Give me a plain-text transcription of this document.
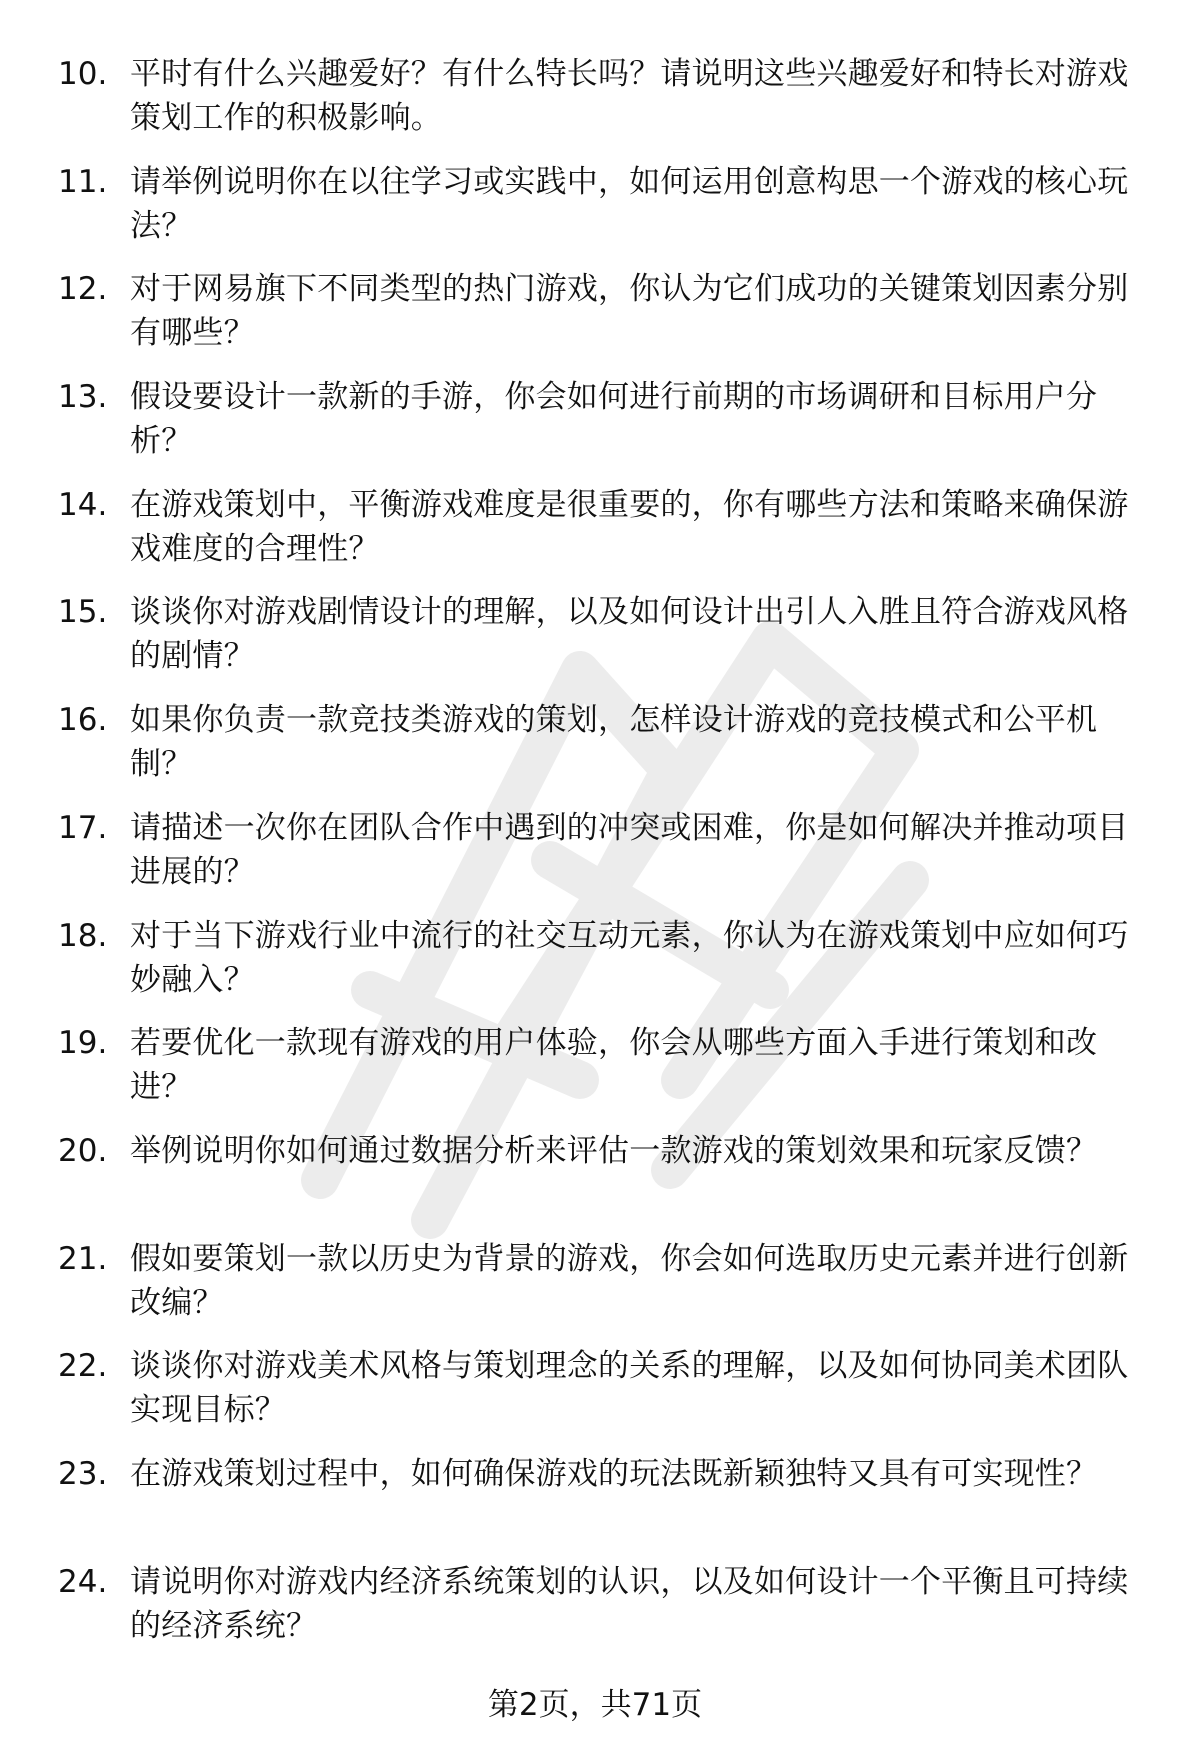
10. 平时有什么兴趣爱好？有什么特长吗？请说明这些兴趣爱好和特长对游戏策划工作的积极影响。
11. 请举例说明你在以往学习或实践中，如何运用创意构思一个游戏的核心玩法？
12. 对于网易旗下不同类型的热门游戏，你认为它们成功的关键策划因素分别有哪些？
13. 假设要设计一款新的手游，你会如何进行前期的市场调研和目标用户分析？
14. 在游戏策划中，平衡游戏难度是很重要的，你有哪些方法和策略来确保游戏难度的合理性？
15. 谈谈你对游戏剧情设计的理解，以及如何设计出引人入胜且符合游戏风格的剧情？
16. 如果你负责一款竞技类游戏的策划，怎样设计游戏的竞技模式和公平机制？
17. 请描述一次你在团队合作中遇到的冲突或困难，你是如何解决并推动项目进展的？
18. 对于当下游戏行业中流行的社交互动元素，你认为在游戏策划中应如何巧妙融入？
19. 若要优化一款现有游戏的用户体验，你会从哪些方面入手进行策划和改进？
20. 举例说明你如何通过数据分析来评估一款游戏的策划效果和玩家反馈？
21. 假如要策划一款以历史为背景的游戏，你会如何选取历史元素并进行创新改编？
22. 谈谈你对游戏美术风格与策划理念的关系的理解，以及如何协同美术团队实现目标？
23. 在游戏策划过程中，如何确保游戏的玩法既新颖独特又具有可实现性？
24. 请说明你对游戏内经济系统策划的认识，以及如何设计一个平衡且可持续的经济系统？
第2页，共71页
